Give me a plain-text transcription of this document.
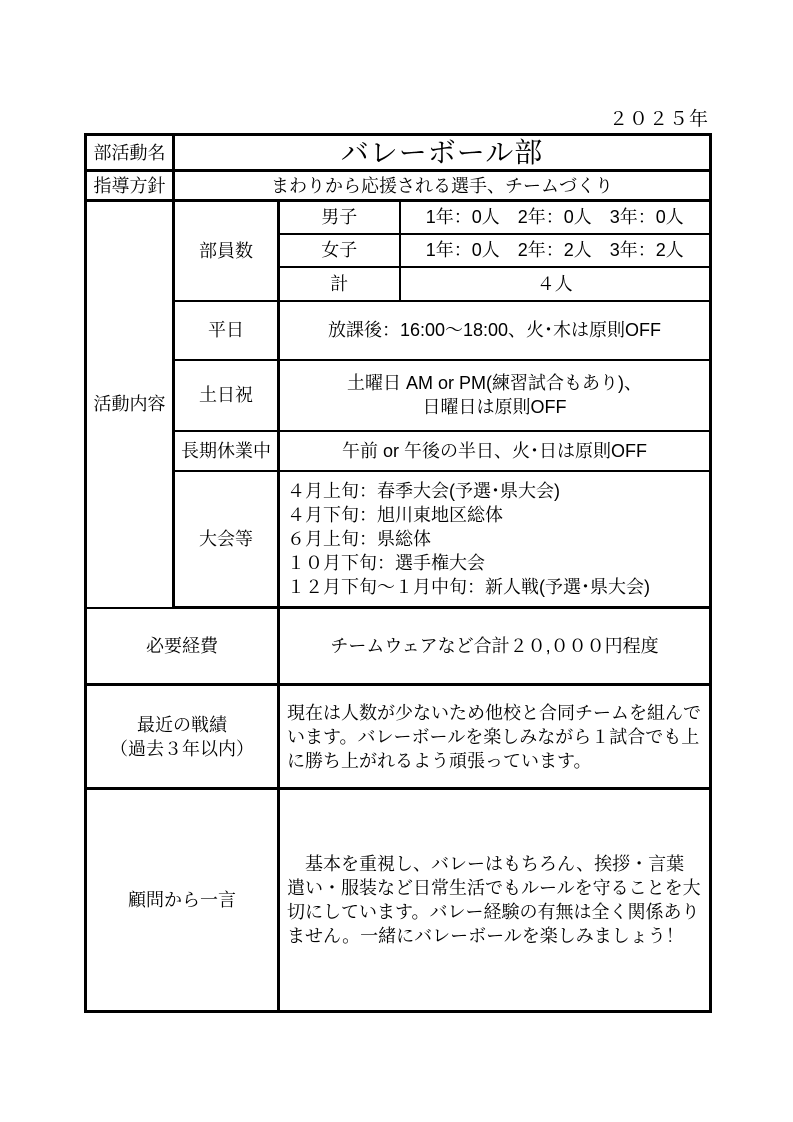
２０２５年
部活動名	バレーボール部		
指導方針	まわりから応援される選手、チームづくり		
活動内容	部員数	男子	1年：0人　2年：0人　3年：0人
		女子	1年：0人　2年：2人　3年：2人
		計	４人
	平日	放課後：16:00～18:00、火･木は原則OFF	
	土日祝	土曜日 AM or PM(練習試合もあり)、
日曜日は原則OFF	

	長期休業中	午前 or 午後の半日、火･日は原則OFF	
	大会等	４月上旬：春季大会(予選･県大会)
４月下旬：旭川東地区総体
６月上旬：県総体
１０月下旬：選手権大会
１２月下旬～１月中旬：新人戦(予選･県大会)	

必要経費		チームウェアなど合計２０,０００円程度	

最近の戦績
（過去３年以内）		現在は人数が少ないため他校と合同チームを組んでいます。バレーボールを楽しみながら１試合でも上に勝ち上がれるよう頑張っています。	
顧問から一言		　基本を重視し、バレーはもちろん、挨拶・言葉遣い・服装など日常生活でもルールを守ることを大切にしています。バレー経験の有無は全く関係ありません。一緒にバレーボールを楽しみましょう！	
